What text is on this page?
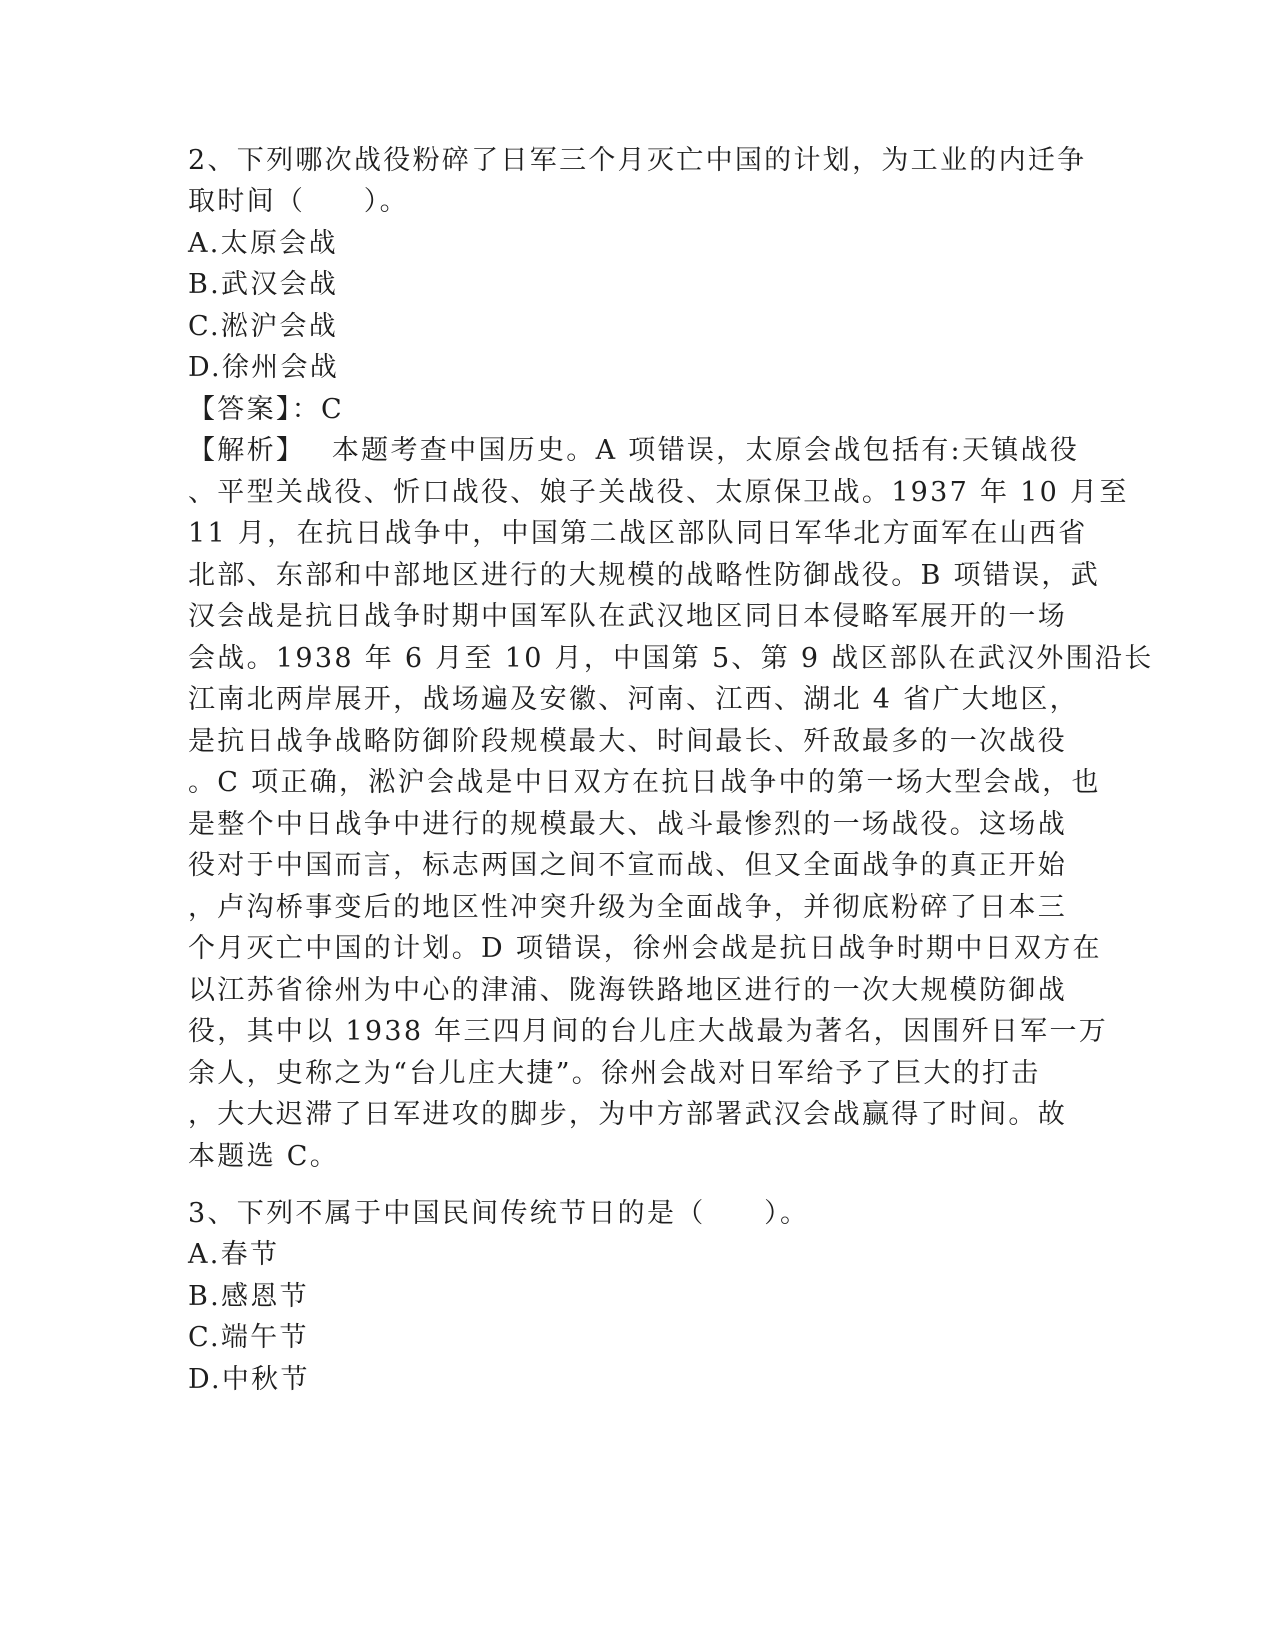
2、下列哪次战役粉碎了日军三个月灭亡中国的计划，为工业的内迁争

取时间（　　）。

A.太原会战

B.武汉会战

C.淞沪会战

D.徐州会战

【答案】：C

【解析】　 本题考查中国历史。A 项错误，太原会战包括有:天镇战役

、平型关战役、忻口战役、娘子关战役、太原保卫战。1937 年 10 月至

11 月，在抗日战争中，中国第二战区部队同日军华北方面军在山西省

北部、东部和中部地区进行的大规模的战略性防御战役。B 项错误，武

汉会战是抗日战争时期中国军队在武汉地区同日本侵略军展开的一场

会战。1938 年 6 月至 10 月，中国第 5、第 9 战区部队在武汉外围沿长

江南北两岸展开，战场遍及安徽、河南、江西、湖北 4 省广大地区，

是抗日战争战略防御阶段规模最大、时间最长、歼敌最多的一次战役

。C 项正确，淞沪会战是中日双方在抗日战争中的第一场大型会战，也

是整个中日战争中进行的规模最大、战斗最惨烈的一场战役。这场战

役对于中国而言，标志两国之间不宣而战、但又全面战争的真正开始

，卢沟桥事变后的地区性冲突升级为全面战争，并彻底粉碎了日本三

个月灭亡中国的计划。D 项错误，徐州会战是抗日战争时期中日双方在

以江苏省徐州为中心的津浦、陇海铁路地区进行的一次大规模防御战

役，其中以 1938 年三四月间的台儿庄大战最为著名，因围歼日军一万

余人，史称之为“台儿庄大捷”。徐州会战对日军给予了巨大的打击

，大大迟滞了日军进攻的脚步，为中方部署武汉会战赢得了时间。故

本题选 C。

3、下列不属于中国民间传统节日的是（　　）。

A.春节

B.感恩节

C.端午节

D.中秋节
